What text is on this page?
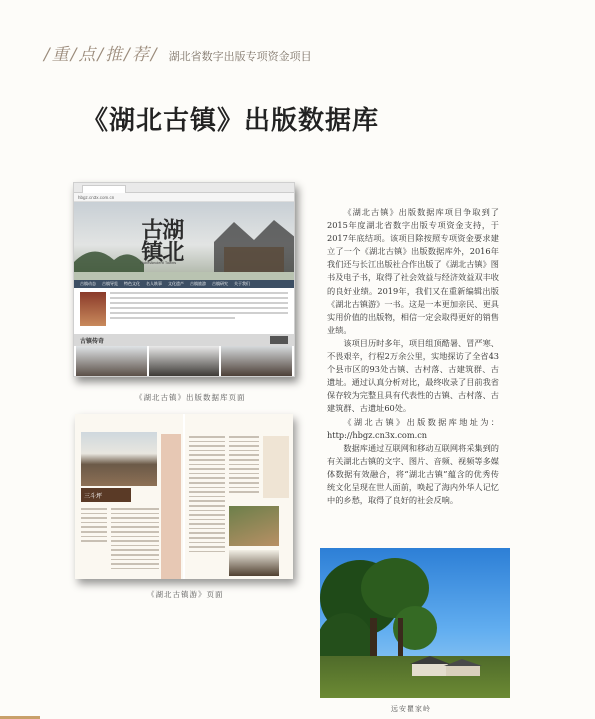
/重/点/推/荐/ 湖北省数字出版专项资金项目
《湖北古镇》出版数据库
hbgz.cn3x.com.cn
湖北古镇
HubeiAncient Towns
古镇动态 古镇导览 特色文化 名人轶事 文化遗产 古镇旅游 古镇研究 关于我们
古镇传奇
《湖北古镇》出版数据库页面
三斗坪
《湖北古镇游》页面

《湖北古镇》出版数据库项目争取到了2015年度湖北省数字出版专项资金支持，于2017年底结项。该项目除按照专项资金要求建立了一个《湖北古镇》出版数据库外，2016年我们还与长江出版社合作出版了《湖北古镇》图书及电子书，取得了社会效益与经济效益双丰收的良好业绩。2019年，我们又在重新编辑出版《湖北古镇游》一书。这是一本更加亲民、更具实用价值的出版物，相信一定会取得更好的销售业绩。

该项目历时多年，项目组顶酷暑、冒严寒、不畏艰辛，行程2万余公里，实地探访了全省43个县市区的93处古镇、古村落、古建筑群、古遗址。通过认真分析对比，最终收录了目前我省保存较为完整且具有代表性的古镇、古村落、古建筑群、古遗址60处。

《湖北古镇》出版数据库地址为：http://hbgz.cn3x.com.cn

数据库通过互联网和移动互联网将采集到的有关湖北古镇的文字、图片、音频、视频等多媒体数据有效融合，将“湖北古镇”蕴含的优秀传统文化呈现在世人面前，唤起了海内外华人记忆中的乡愁，取得了良好的社会反响。

远安瞿家岭
